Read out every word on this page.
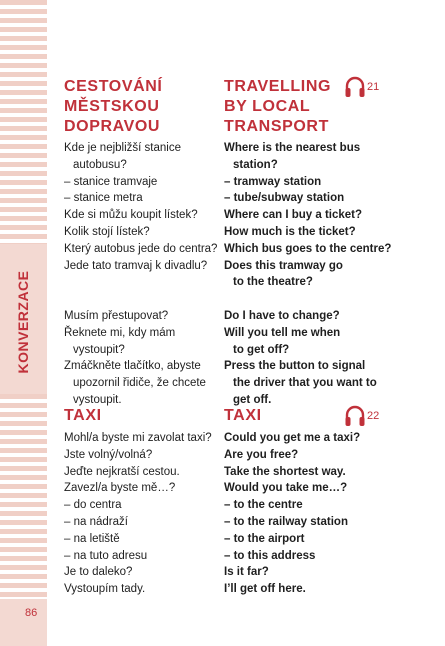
KONVERZACE
86
CESTOVÁNÍ
MĚSTSKOU
DOPRAVOU
TRAVELLING
BY LOCAL
TRANSPORT
21
Kde je nejbližší stanice
autobusu?
– stanice tramvaje
– stanice metra
Kde si můžu koupit lístek?
Kolik stojí lístek?
Který autobus jede do centra?
Jede tato tramvaj k divadlu?
Musím přestupovat?
Řeknete mi, kdy mám
vystoupit?
Zmáčkněte tlačítko, abyste
upozornil řidiče, že chcete
vystoupit.
Where is the nearest bus
station?
– tramway station
– tube/subway station
Where can I buy a ticket?
How much is the ticket?
Which bus goes to the centre?
Does this tramway go
to the theatre?
Do I have to change?
Will you tell me when
to get off?
Press the button to signal
the driver that you want to
get off.
TAXI	TAXI	22
Mohl/a byste mi zavolat taxi?
Jste volný/volná?
Jeďte nejkratší cestou.
Zavezl/a byste mě…?
– do centra
– na nádraží
– na letiště
– na tuto adresu
Je to daleko?
Vystoupím tady.
Could you get me a taxi?
Are you free?
Take the shortest way.
Would you take me…?
– to the centre
– to the railway station
– to the airport
– to this address
Is it far?
I’ll get off here.
